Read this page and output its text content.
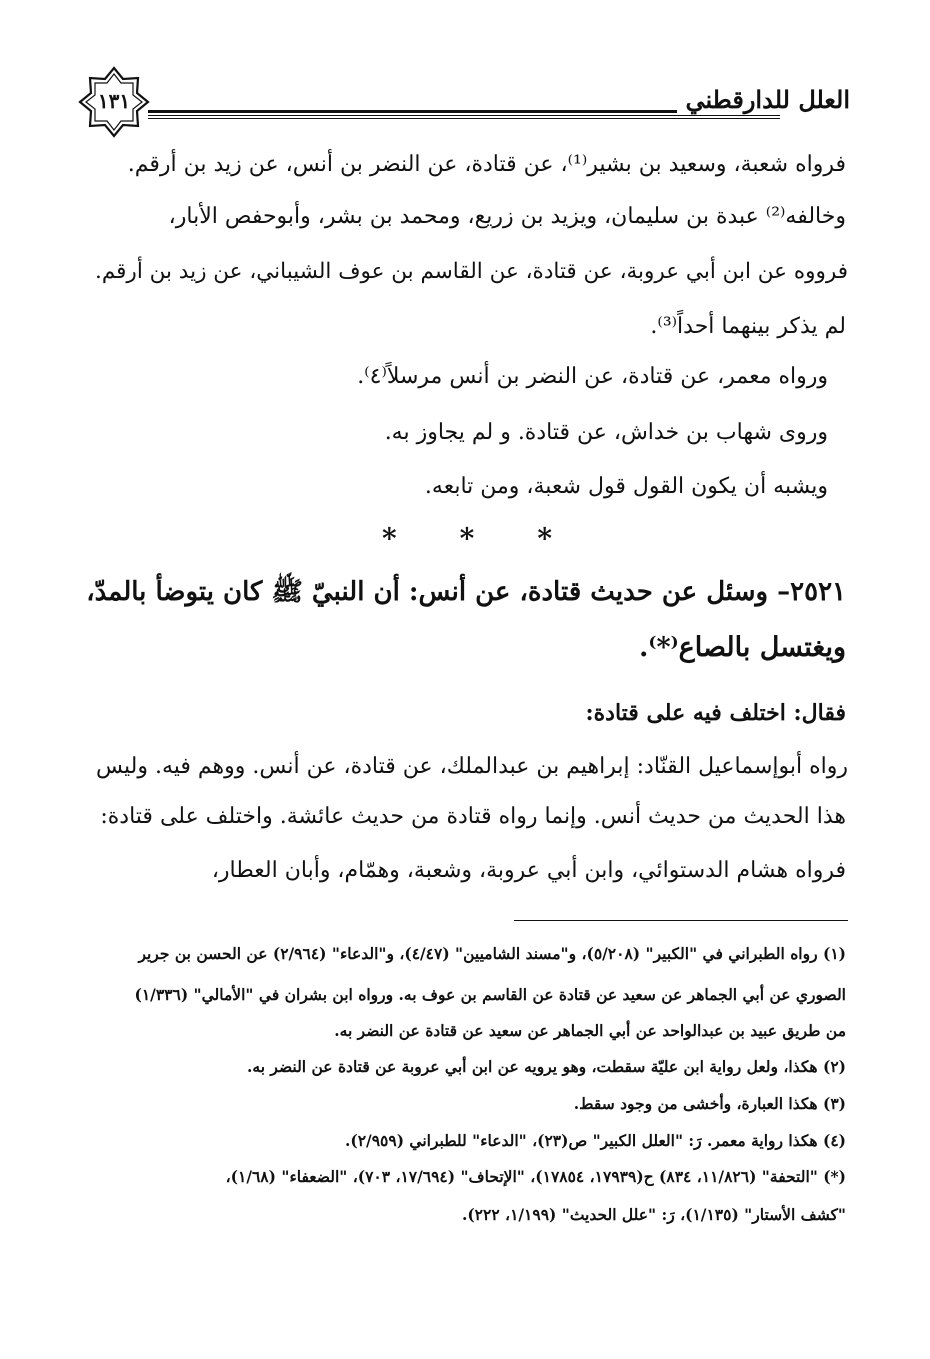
العلل للدارقطني
١٣١
فرواه شعبة، وسعيد بن بشير⁽¹⁾، عن قتادة، عن النضر بن أنس، عن زيد بن أرقم.
وخالفه⁽²⁾ عبدة بن سليمان، ويزيد بن زريع، ومحمد بن بشر، وأبوحفص الأبار،
فرووه عن ابن أبي عروبة، عن قتادة، عن القاسم بن عوف الشيباني، عن زيد بن أرقم.
لم يذكر بينهما أحداً⁽³⁾.
ورواه معمر، عن قتادة، عن النضر بن أنس مرسلاً⁽٤⁾.
وروى شهاب بن خداش، عن قتادة. و لم يجاوز به.
ويشبه أن يكون القول قول شعبة، ومن تابعه.
* * *
٢٥٢١– وسئل عن حديث قتادة، عن أنس: أن النبيّ ﷺ كان يتوضأ بالمدّ،
ويغتسل بالصاع⁽*⁾.
فقال: اختلف فيه على قتادة:
رواه أبوإسماعيل القنّاد: إبراهيم بن عبدالملك، عن قتادة، عن أنس. ووهم فيه. وليس
هذا الحديث من حديث أنس. وإنما رواه قتادة من حديث عائشة. واختلف على قتادة:
فرواه هشام الدستوائي، وابن أبي عروبة، وشعبة، وهمّام، وأبان العطار،
(١) رواه الطبراني في "الكبير" (٥/٢٠٨)، و"مسند الشاميين" (٤/٤٧)، و"الدعاء" (٢/٩٦٤) عن الحسن بن جرير
الصوري عن أبي الجماهر عن سعيد عن قتادة عن القاسم بن عوف به. ورواه ابن بشران في "الأمالي" (١/٣٣٦)
من طريق عبيد بن عبدالواحد عن أبي الجماهر عن سعيد عن قتادة عن النضر به.
(٢) هكذا، ولعل رواية ابن عليّة سقطت، وهو يرويه عن ابن أبي عروبة عن قتادة عن النضر به.
(٣) هكذا العبارة، وأخشى من وجود سقط.
(٤) هكذا رواية معمر. رَ: "العلل الكبير" ص(٢٣)، "الدعاء" للطبراني (٢/٩٥٩).
(*) "التحفة" (١١/٨٢٦، ٨٣٤) ح(١٧٩٣٩، ١٧٨٥٤)، "الإتحاف" (١٧/٦٩٤، ٧٠٣)، "الضعفاء" (١/٦٨)،
"كشف الأستار" (١/١٣٥)، رَ: "علل الحديث" (١/١٩٩، ٢٢٢).
